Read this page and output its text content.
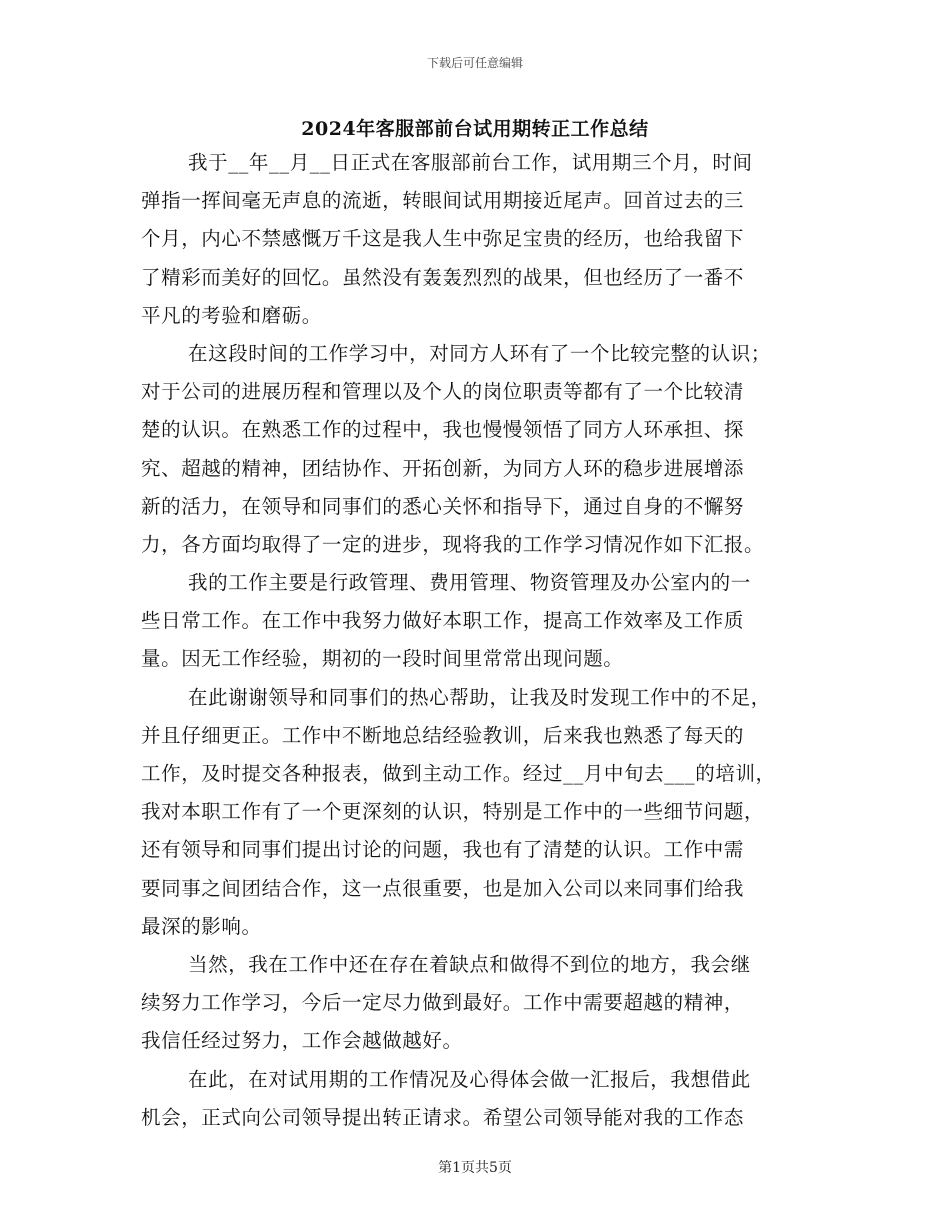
下载后可任意编辑
2024年客服部前台试用期转正工作总结
我于__年__月__日正式在客服部前台工作，试用期三个月，时间
弹指一挥间毫无声息的流逝，转眼间试用期接近尾声。回首过去的三
个月，内心不禁感慨万千这是我人生中弥足宝贵的经历，也给我留下
了精彩而美好的回忆。虽然没有轰轰烈烈的战果，但也经历了一番不
平凡的考验和磨砺。
在这段时间的工作学习中，对同方人环有了一个比较完整的认识；
对于公司的进展历程和管理以及个人的岗位职责等都有了一个比较清
楚的认识。在熟悉工作的过程中，我也慢慢领悟了同方人环承担、探
究、超越的精神，团结协作、开拓创新，为同方人环的稳步进展增添
新的活力，在领导和同事们的悉心关怀和指导下，通过自身的不懈努
力，各方面均取得了一定的进步，现将我的工作学习情况作如下汇报。
我的工作主要是行政管理、费用管理、物资管理及办公室内的一
些日常工作。在工作中我努力做好本职工作，提高工作效率及工作质
量。因无工作经验，期初的一段时间里常常出现问题。
在此谢谢领导和同事们的热心帮助，让我及时发现工作中的不足，
并且仔细更正。工作中不断地总结经验教训，后来我也熟悉了每天的
工作，及时提交各种报表，做到主动工作。经过__月中旬去___的培训，
我对本职工作有了一个更深刻的认识，特别是工作中的一些细节问题，
还有领导和同事们提出讨论的问题，我也有了清楚的认识。工作中需
要同事之间团结合作，这一点很重要，也是加入公司以来同事们给我
最深的影响。
当然，我在工作中还在存在着缺点和做得不到位的地方，我会继
续努力工作学习，今后一定尽力做到最好。工作中需要超越的精神，
我信任经过努力，工作会越做越好。
在此，在对试用期的工作情况及心得体会做一汇报后，我想借此
机会，正式向公司领导提出转正请求。希望公司领导能对我的工作态
第1页共5页
